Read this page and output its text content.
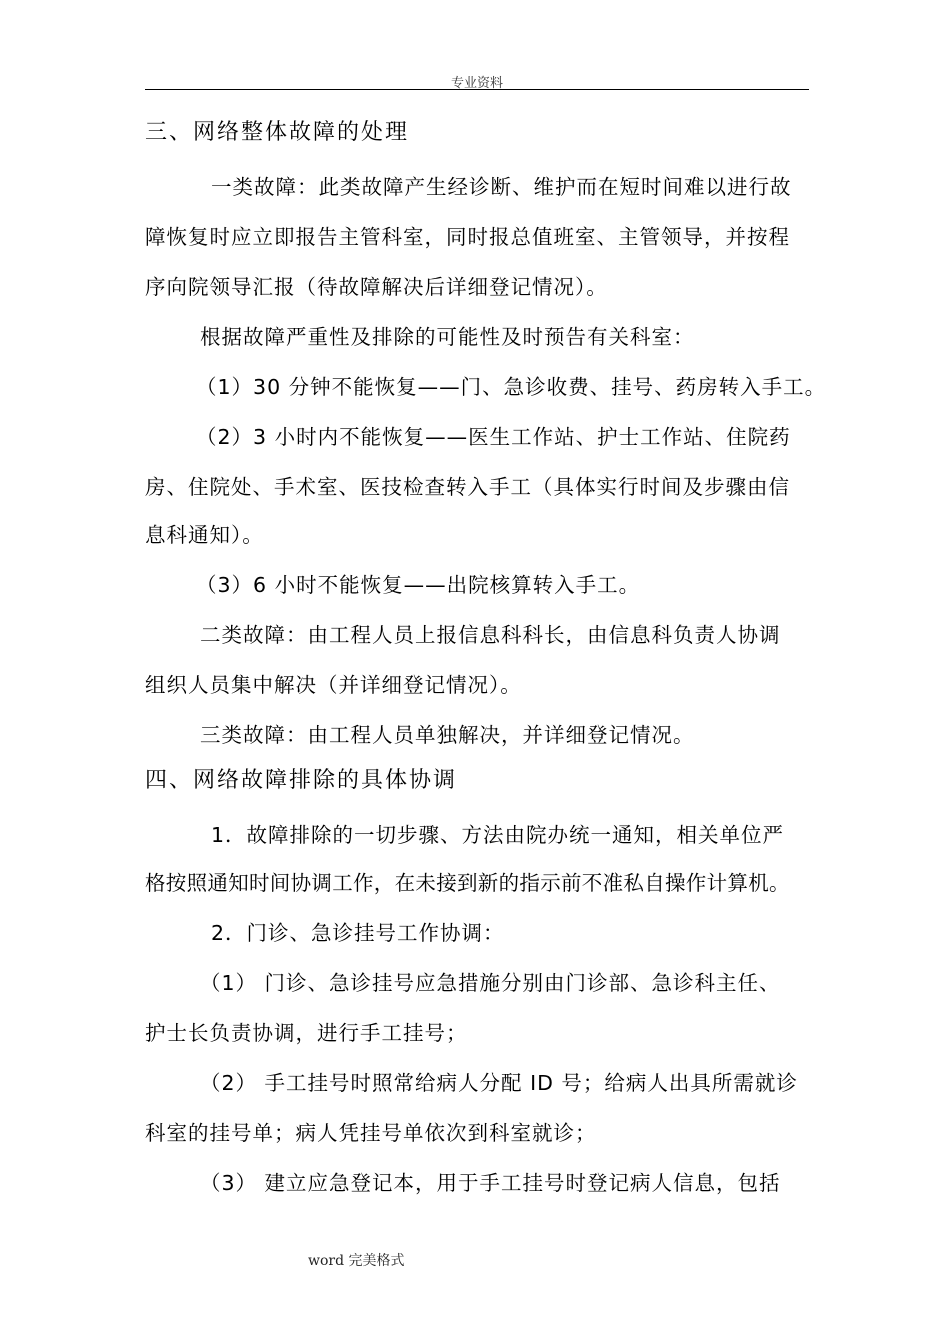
专业资料
三、网络整体故障的处理
一类故障：此类故障产生经诊断、维护而在短时间难以进行故
障恢复时应立即报告主管科室，同时报总值班室、主管领导，并按程
序向院领导汇报（待故障解决后详细登记情况）。
根据故障严重性及排除的可能性及时预告有关科室：
（1）30 分钟不能恢复——门、急诊收费、挂号、药房转入手工。
（2）3 小时内不能恢复——医生工作站、护士工作站、住院药
房、住院处、手术室、医技检查转入手工（具体实行时间及步骤由信
息科通知）。
（3）6 小时不能恢复——出院核算转入手工。
二类故障：由工程人员上报信息科科长，由信息科负责人协调
组织人员集中解决（并详细登记情况）。
三类故障：由工程人员单独解决，并详细登记情况。
四、网络故障排除的具体协调
1．故障排除的一切步骤、方法由院办统一通知，相关单位严
格按照通知时间协调工作，在未接到新的指示前不准私自操作计算机。
2．门诊、急诊挂号工作协调：
（1） 门诊、急诊挂号应急措施分别由门诊部、急诊科主任、
护士长负责协调，进行手工挂号；
（2） 手工挂号时照常给病人分配 ID 号；给病人出具所需就诊
科室的挂号单；病人凭挂号单依次到科室就诊；
（3） 建立应急登记本，用于手工挂号时登记病人信息，包括
word 完美格式
